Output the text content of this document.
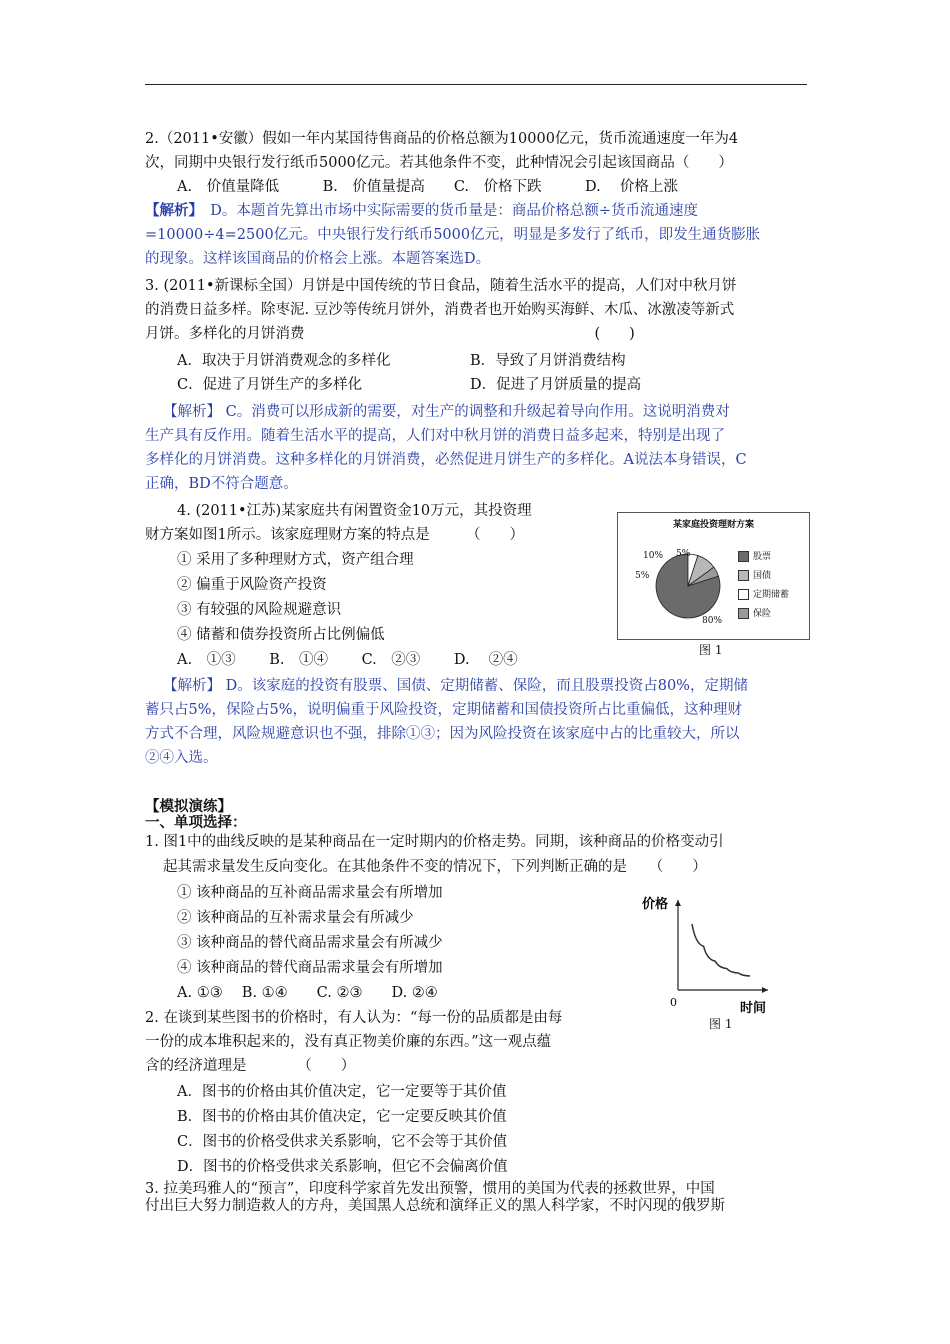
2.（2011•安徽）假如一年内某国待售商品的价格总额为10000亿元，货币流通速度一年为4
次，同期中央银行发行纸币5000亿元。若其他条件不变，此种情况会引起该国商品（　　）
A.　价值量降低　　　B.　价值量提高　　C.　价格下跌　　　D.　 价格上涨
【解析】　D。本题首先算出市场中实际需要的货币量是：商品价格总额÷货币流通速度
=10000÷4=2500亿元。中央银行发行纸币5000亿元，明显是多发行了纸币，即发生通货膨胀
的现象。这样该国商品的价格会上涨。本题答案选D。
3. (2011•新课标全国）月饼是中国传统的节日食品，随着生活水平的提高，人们对中秋月饼
的消费日益多样。除枣泥. 豆沙等传统月饼外，消费者也开始购买海鲜、木瓜、冰激凌等新式
月饼。多样化的月饼消费　　　　　　　　　　　　　　　　　　　　(　　)
A．取决于月饼消费观念的多样化	B．导致了月饼消费结构
C．促进了月饼生产的多样化	D．促进了月饼质量的提高
【解析】 C。消费可以形成新的需要，对生产的调整和升级起着导向作用。这说明消费对
生产具有反作用。随着生活水平的提高，人们对中秋月饼的消费日益多起来，特别是出现了
多样化的月饼消费。这种多样化的月饼消费，必然促进月饼生产的多样化。A说法本身错误，C
正确，BD不符合题意。
4. (2011•江苏)某家庭共有闲置资金10万元，其投资理
财方案如图1所示。该家庭理财方案的特点是　　　（　　）
① 采用了多种理财方式，资产组合理
② 偏重于风险资产投资
③ 有较强的风险规避意识
④ 储蓄和债券投资所占比例偏低
A.　①③　　 B.　①④　　 C.　②③　　 D.　 ②④
【解析】 D。该家庭的投资有股票、国债、定期储蓄、保险，而且股票投资占80%，定期储
蓄只占5%，保险占5%，说明偏重于风险投资，定期储蓄和国债投资所占比重偏低，这种理财
方式不合理，风险规避意识也不强，排除①③；因为风险投资在该家庭中占的比重较大，所以
②④入选。
某家庭投资理财方案
10% 5%
5%
80%
股票
国债
定期储蓄
保险
图 1
【模拟演练】
一、单项选择：
1. 图1中的曲线反映的是某种商品在一定时期内的价格走势。同期，该种商品的价格变动引
起其需求量发生反向变化。在其他条件不变的情况下，下列判断正确的是　　（　　）
① 该种商品的互补商品需求量会有所增加
② 该种商品的互补需求量会有所减少
③ 该种商品的替代商品需求量会有所减少
④ 该种商品的替代商品需求量会有所增加
A. ①③　 B. ①④　　C. ②③　　D. ②④
价格
时间
0
图 1
2. 在谈到某些图书的价格时，有人认为：“每一份的品质都是由每
一份的成本堆积起来的，没有真正物美价廉的东西。”这一观点蕴
含的经济道理是　　　　（　　）
A．图书的价格由其价值决定，它一定要等于其价值
B．图书的价格由其价值决定，它一定要反映其价值
C．图书的价格受供求关系影响，它不会等于其价值
D．图书的价格受供求关系影响，但它不会偏离价值
3. 拉美玛雅人的“预言”，印度科学家首先发出预警，惯用的美国为代表的拯救世界，中国
付出巨大努力制造救人的方舟，美国黑人总统和演绎正义的黑人科学家，不时闪现的俄罗斯
